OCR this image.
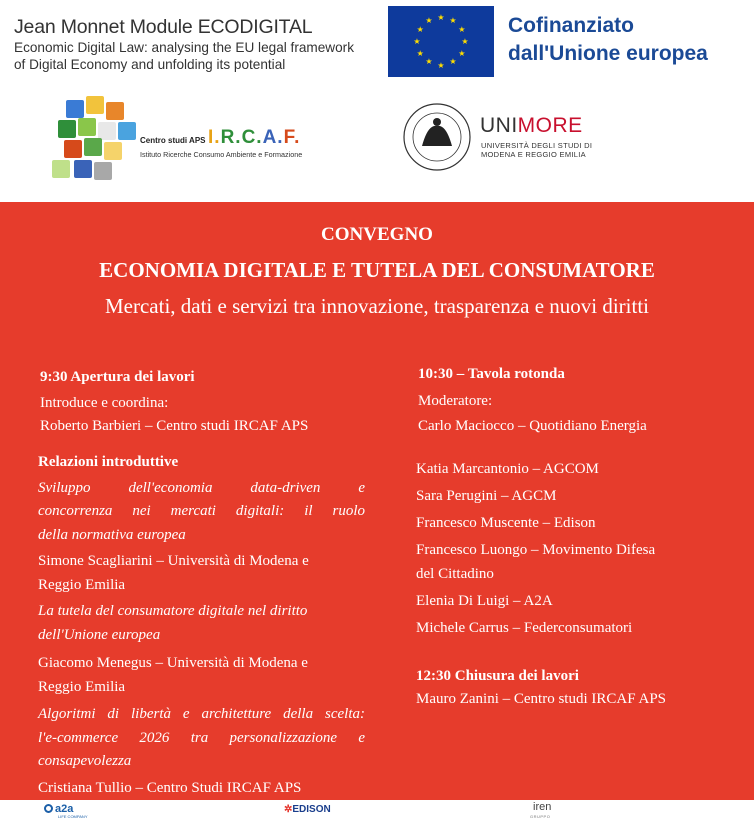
Jean Monnet Module ECODIGITAL
Economic Digital Law: analysing the EU legal framework
of Digital Economy and unfolding its potential
★
★
★
★
★
★
★
★
★ ★ ★
★ Cofinanziato
dall'Unione europea
Centro studi APS I.R.C.A.F.
Istituto Ricerche Consumo Ambiente e Formazione
UNIMORE
UNIVERSITÀ DEGLI STUDI DI
MODENA E REGGIO EMILIA
CONVEGNO
ECONOMIA DIGITALE E TUTELA DEL CONSUMATORE
Mercati, dati e servizi tra innovazione, trasparenza e nuovi diritti
9:30 Apertura dei lavori
Introduce e coordina:
Roberto Barbieri – Centro studi IRCAF APS
Relazioni introduttive
Sviluppo dell'economia data-driven e
concorrenza nei mercati digitali: il ruolo
della normativa europea
Simone Scagliarini – Università di Modena e
Reggio Emilia
La tutela del consumatore digitale nel diritto
dell'Unione europea
Giacomo Menegus – Università di Modena e
Reggio Emilia
Algoritmi di libertà e architetture della scelta:
l'e-commerce 2026 tra personalizzazione e
consapevolezza
Cristiana Tullio – Centro Studi IRCAF APS
10:30 – Tavola rotonda
Moderatore:
Carlo Maciocco – Quotidiano Energia
Katia Marcantonio – AGCOM
Sara Perugini – AGCM
Francesco Muscente – Edison
Francesco Luongo – Movimento Difesa
del Cittadino
Elenia Di Luigi – A2A
Michele Carrus – Federconsumatori
12:30 Chiusura dei lavori
Mauro Zanini – Centro studi IRCAF APS
a2a
LIFE COMPANY
✲EDISON	iren
GRUPPO
